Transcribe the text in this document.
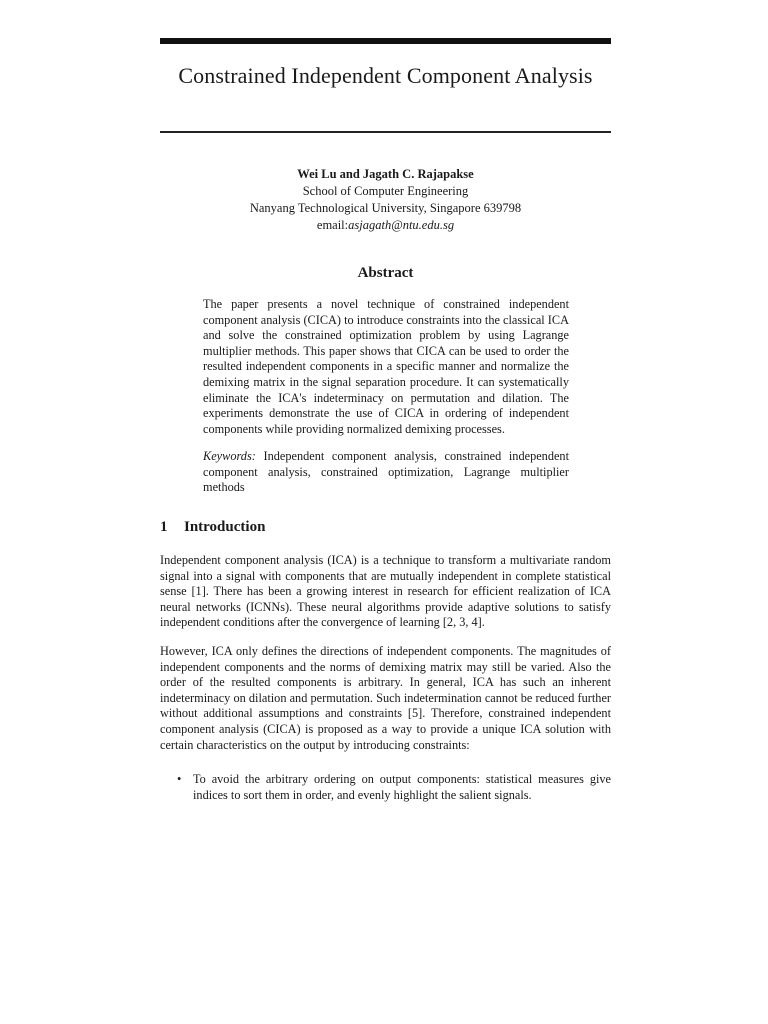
Constrained Independent Component Analysis
Wei Lu and Jagath C. Rajapakse
School of Computer Engineering
Nanyang Technological University, Singapore 639798
email:asjagath@ntu.edu.sg
Abstract

The paper presents a novel technique of constrained independent component analysis (CICA) to introduce constraints into the classical ICA and solve the constrained optimization problem by using Lagrange multiplier methods. This paper shows that CICA can be used to order the resulted independent components in a specific manner and normalize the demixing matrix in the signal separation procedure. It can systematically eliminate the ICA's indeterminacy on permutation and dilation. The experiments demonstrate the use of CICA in ordering of independent components while providing normalized demixing processes.

Keywords: Independent component analysis, constrained independent component analysis, constrained optimization, Lagrange multiplier methods

1 Introduction

Independent component analysis (ICA) is a technique to transform a multivariate random signal into a signal with components that are mutually independent in complete statistical sense [1]. There has been a growing interest in research for efficient realization of ICA neural networks (ICNNs). These neural algorithms provide adaptive solutions to satisfy independent conditions after the convergence of learning [2, 3, 4].

However, ICA only defines the directions of independent components. The magnitudes of independent components and the norms of demixing matrix may still be varied. Also the order of the resulted components is arbitrary. In general, ICA has such an inherent indeterminacy on dilation and permutation. Such indetermination cannot be reduced further without additional assumptions and constraints [5]. Therefore, constrained independent component analysis (CICA) is proposed as a way to provide a unique ICA solution with certain characteristics on the output by introducing constraints:

• To avoid the arbitrary ordering on output components: statistical measures give indices to sort them in order, and evenly highlight the salient signals.
